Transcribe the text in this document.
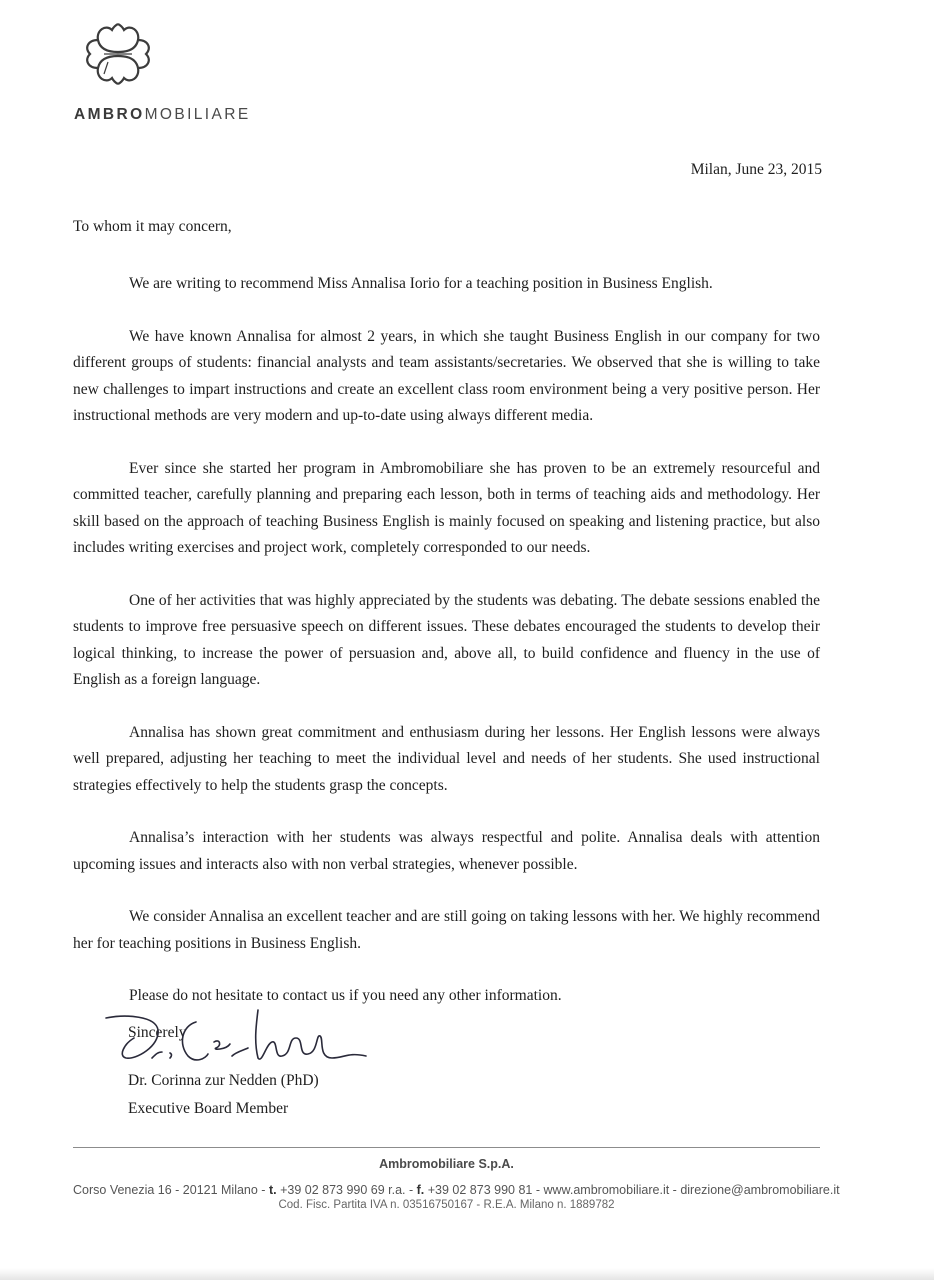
AMBROMOBILIARE

Milan, June 23, 2015

To whom it may concern,

We are writing to recommend Miss Annalisa Iorio for a teaching position in Business English.

We have known Annalisa for almost 2 years, in which she taught Business English in our company for two different groups of students: financial analysts and team assistants/secretaries. We observed that she is willing to take new challenges to impart instructions and create an excellent class room environment being a very positive person. Her instructional methods are very modern and up-to-date using always different media.

Ever since she started her program in Ambromobiliare she has proven to be an extremely resourceful and committed teacher, carefully planning and preparing each lesson, both in terms of teaching aids and methodology. Her skill based on the approach of teaching Business English is mainly focused on speaking and listening practice, but also includes writing exercises and project work, completely corresponded to our needs.

One of her activities that was highly appreciated by the students was debating. The debate sessions enabled the students to improve free persuasive speech on different issues. These debates encouraged the students to develop their logical thinking, to increase the power of persuasion and, above all, to build confidence and fluency in the use of English as a foreign language.

Annalisa has shown great commitment and enthusiasm during her lessons. Her English lessons were always well prepared, adjusting her teaching to meet the individual level and needs of her students. She used instructional strategies effectively to help the students grasp the concepts.

Annalisa’s interaction with her students was always respectful and polite. Annalisa deals with attention upcoming issues and interacts also with non verbal strategies, whenever possible.

We consider Annalisa an excellent teacher and are still going on taking lessons with her. We highly recommend her for teaching positions in Business English.

Please do not hesitate to contact us if you need any other information.

Sincerely

Dr. Corinna zur Nedden (PhD)

Executive Board Member

Ambromobiliare S.p.A.

Corso Venezia 16 - 20121 Milano - t. +39 02 873 990 69 r.a. - f. +39 02 873 990 81 - www.ambromobiliare.it - direzione@ambromobiliare.it

Cod. Fisc. Partita IVA n. 03516750167 - R.E.A. Milano n. 1889782
